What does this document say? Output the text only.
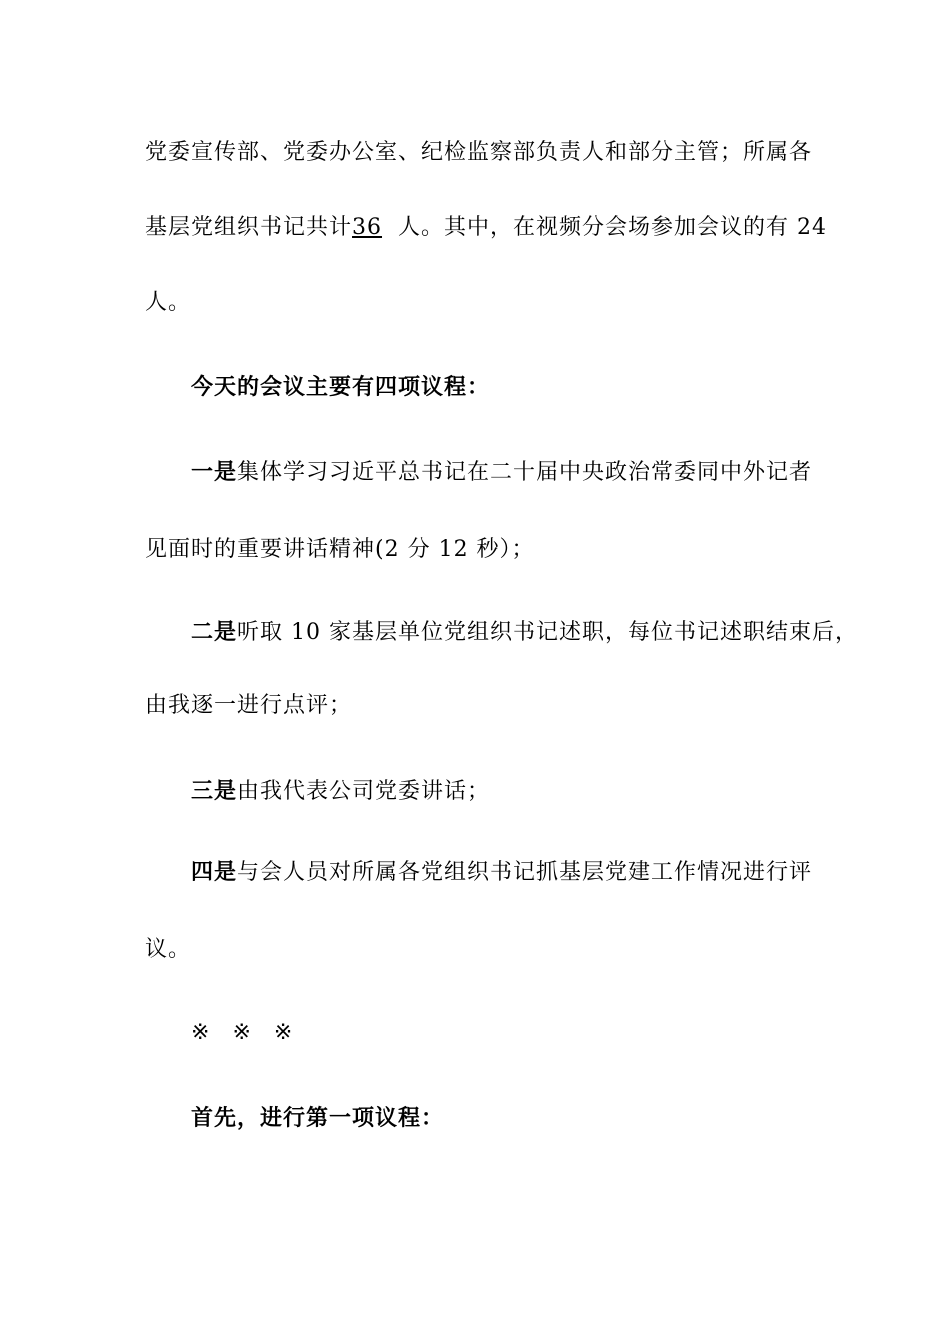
党委宣传部、党委办公室、纪检监察部负责人和部分主管；所属各
基层党组织书记共计36 人。其中，在视频分会场参加会议的有 24
人。
今天的会议主要有四项议程：
一是集体学习习近平总书记在二十届中央政治常委同中外记者
见面时的重要讲话精神(2 分 12 秒）；
二是听取 10 家基层单位党组织书记述职，每位书记述职结束后，
由我逐一进行点评；
三是由我代表公司党委讲话；
四是与会人员对所属各党组织书记抓基层党建工作情况进行评
议。
※ ※ ※
首先，进行第一项议程：
